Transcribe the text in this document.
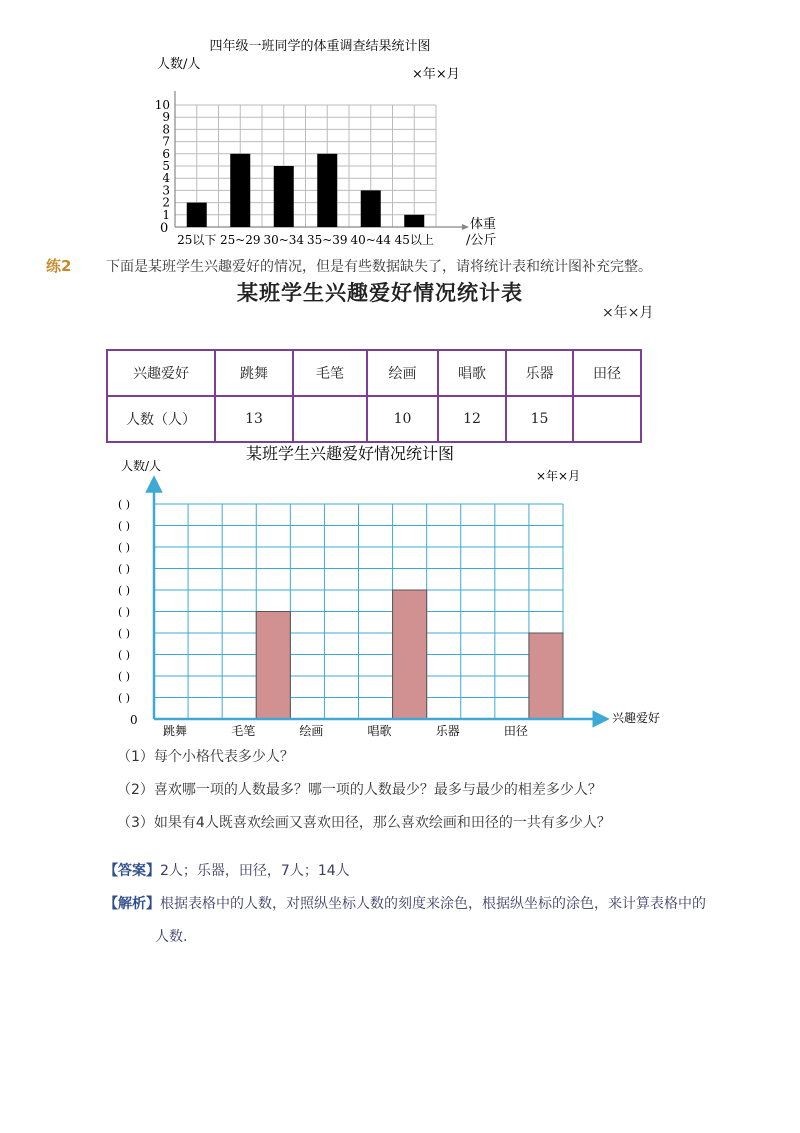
四年级一班同学的体重调查结果统计图
人数/人
×年×月
1
2
3
4
5
6
7
8
9
10
25以下 25~29 30~34 35~39 40~44 45以上
0	体重
/公斤
练2 下面是某班学生兴趣爱好的情况，但是有些数据缺失了，请将统计表和统计图补充完整。
某班学生兴趣爱好情况统计表
×年×月
兴趣爱好	跳舞	毛笔	绘画	唱歌	乐器	田径
人数（人）	13		10	12	15	
某班学生兴趣爱好情况统计图
人数/人
×年×月
( )
( )
( )
( )
( )
( )
( )
( )
( )
( )
跳舞	毛笔	绘画	唱歌	乐器	田径
0	兴趣爱好
（1）每个小格代表多少人？
（2）喜欢哪一项的人数最多？哪一项的人数最少？最多与最少的相差多少人？
（3）如果有4人既喜欢绘画又喜欢田径，那么喜欢绘画和田径的一共有多少人？
【答案】2人；乐器，田径，7人；14人
【解析】根据表格中的人数，对照纵坐标人数的刻度来涂色，根据纵坐标的涂色，来计算表格中的
人数.
